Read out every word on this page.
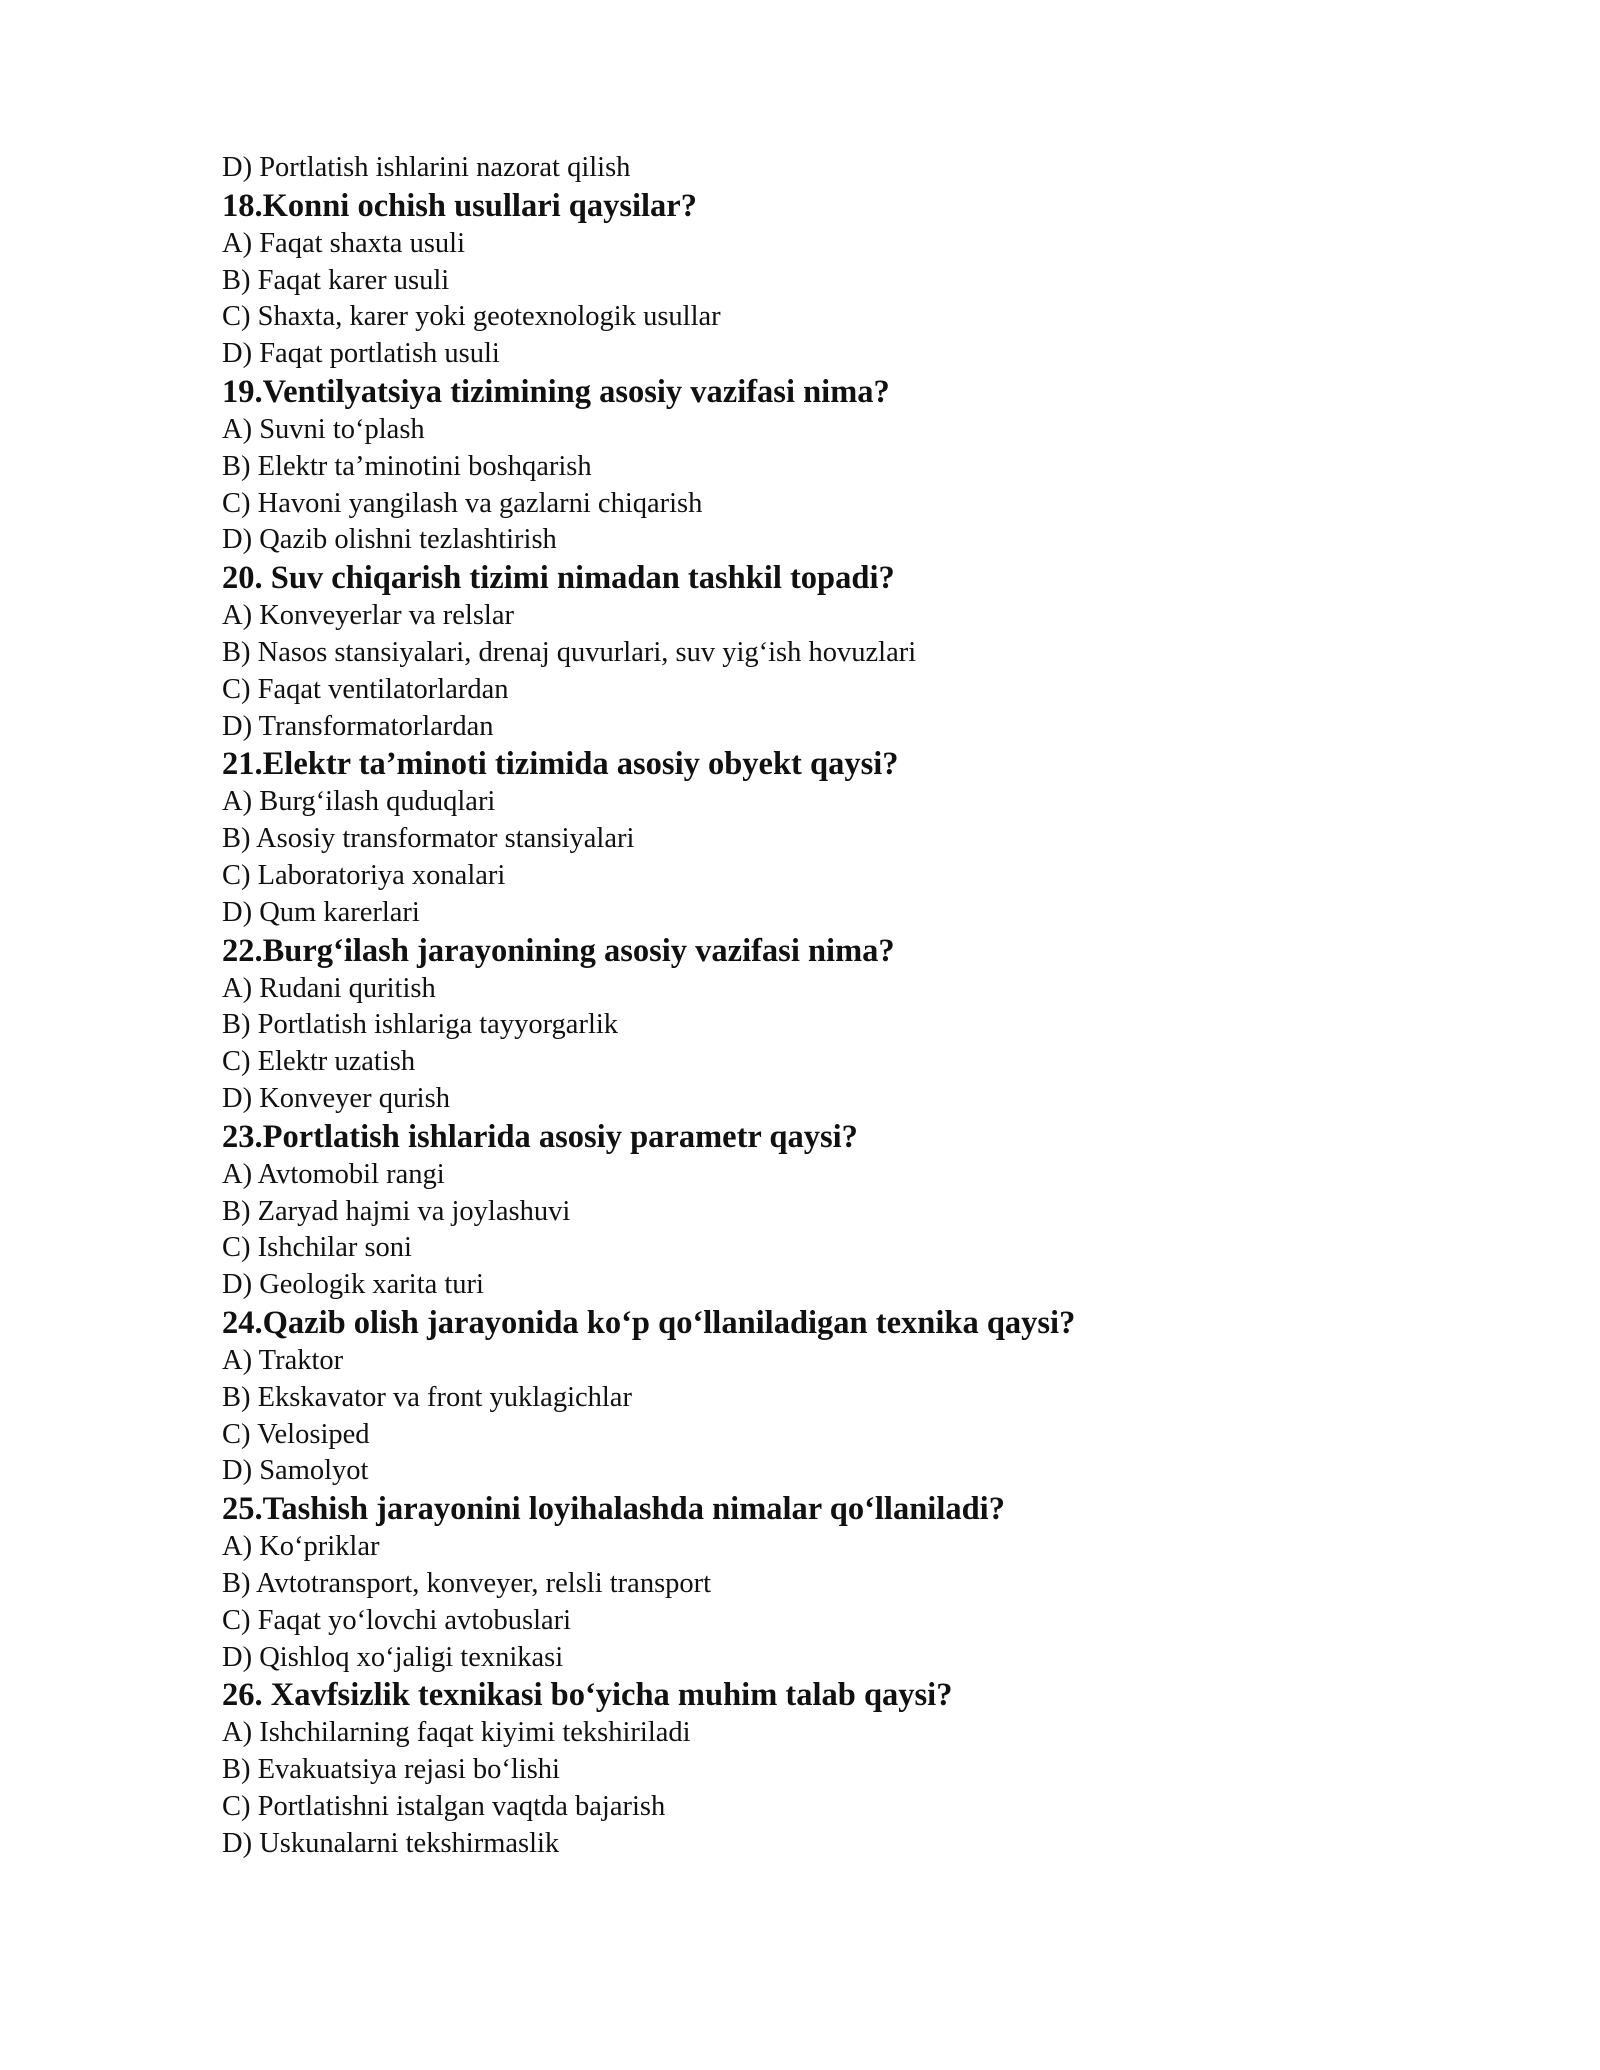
D) Portlatish ishlarini nazorat qilish
18.Konni ochish usullari qaysilar?
A) Faqat shaxta usuli
B) Faqat karer usuli
C) Shaxta, karer yoki geotexnologik usullar
D) Faqat portlatish usuli
19.Ventilyatsiya tizimining asosiy vazifasi nima?
A) Suvni to‘plash
B) Elektr ta’minotini boshqarish
C) Havoni yangilash va gazlarni chiqarish
D) Qazib olishni tezlashtirish
20. Suv chiqarish tizimi nimadan tashkil topadi?
A) Konveyerlar va relslar
B) Nasos stansiyalari, drenaj quvurlari, suv yig‘ish hovuzlari
C) Faqat ventilatorlardan
D) Transformatorlardan
21.Elektr ta’minoti tizimida asosiy obyekt qaysi?
A) Burg‘ilash quduqlari
B) Asosiy transformator stansiyalari
C) Laboratoriya xonalari
D) Qum karerlari
22.Burg‘ilash jarayonining asosiy vazifasi nima?
A) Rudani quritish
B) Portlatish ishlariga tayyorgarlik
C) Elektr uzatish
D) Konveyer qurish
23.Portlatish ishlarida asosiy parametr qaysi?
A) Avtomobil rangi
B) Zaryad hajmi va joylashuvi
C) Ishchilar soni
D) Geologik xarita turi
24.Qazib olish jarayonida ko‘p qo‘llaniladigan texnika qaysi?
A) Traktor
B) Ekskavator va front yuklagichlar
C) Velosiped
D) Samolyot
25.Tashish jarayonini loyihalashda nimalar qo‘llaniladi?
A) Ko‘priklar
B) Avtotransport, konveyer, relsli transport
C) Faqat yo‘lovchi avtobuslari
D) Qishloq xo‘jaligi texnikasi
26. Xavfsizlik texnikasi bo‘yicha muhim talab qaysi?
A) Ishchilarning faqat kiyimi tekshiriladi
B) Evakuatsiya rejasi bo‘lishi
C) Portlatishni istalgan vaqtda bajarish
D) Uskunalarni tekshirmaslik
